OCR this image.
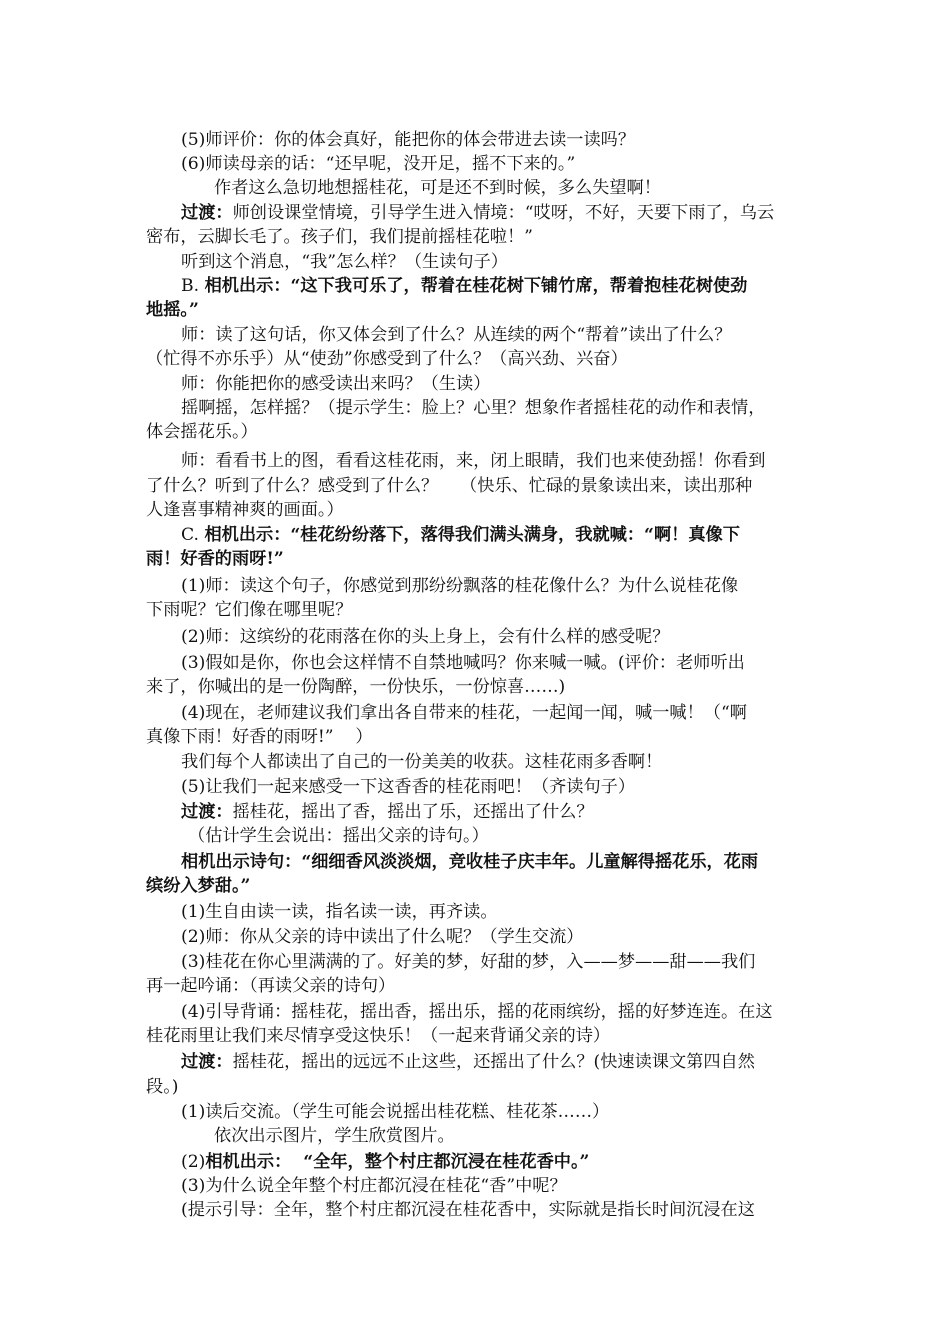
(5)师评价：你的体会真好，能把你的体会带进去读一读吗？
(6)师读母亲的话：“还早呢，没开足，摇不下来的。”
作者这么急切地想摇桂花，可是还不到时候，多么失望啊！
过渡：师创设课堂情境，引导学生进入情境：“哎呀，不好，天要下雨了，乌云
密布，云脚长毛了。孩子们，我们提前摇桂花啦！”
听到这个消息，“我”怎么样？（生读句子）
B. 相机出示：“这下我可乐了，帮着在桂花树下铺竹席，帮着抱桂花树使劲
地摇。”
师：读了这句话，你又体会到了什么？从连续的两个“帮着”读出了什么？
（忙得不亦乐乎）从“使劲”你感受到了什么？（高兴劲、兴奋）
师：你能把你的感受读出来吗？（生读）
摇啊摇，怎样摇？（提示学生：脸上？心里？想象作者摇桂花的动作和表情，
体会摇花乐。）
师：看看书上的图，看看这桂花雨，来，闭上眼睛，我们也来使劲摇！你看到
了什么？听到了什么？感受到了什么？    （快乐、忙碌的景象读出来，读出那种
人逢喜事精神爽的画面。）
C. 相机出示：“桂花纷纷落下，落得我们满头满身，我就喊：“啊！真像下
雨！好香的雨呀!”
(1)师：读这个句子，你感觉到那纷纷飘落的桂花像什么？为什么说桂花像
下雨呢？它们像在哪里呢？
(2)师：这缤纷的花雨落在你的头上身上，会有什么样的感受呢？
(3)假如是你，你也会这样情不自禁地喊吗？你来喊一喊。(评价：老师听出
来了，你喊出的是一份陶醉，一份快乐，一份惊喜……)
(4)现在，老师建议我们拿出各自带来的桂花，一起闻一闻，喊一喊！（“啊
真像下雨！好香的雨呀!”    ）
我们每个人都读出了自己的一份美美的收获。这桂花雨多香啊！
(5)让我们一起来感受一下这香香的桂花雨吧！（齐读句子）
过渡：摇桂花，摇出了香，摇出了乐，还摇出了什么？
（估计学生会说出：摇出父亲的诗句。）
相机出示诗句：“细细香风淡淡烟，竞收桂子庆丰年。儿童解得摇花乐，花雨
缤纷入梦甜。”
(1)生自由读一读，指名读一读，再齐读。
(2)师：你从父亲的诗中读出了什么呢？（学生交流）
(3)桂花在你心里满满的了。好美的梦，好甜的梦，入——梦——甜——我们
再一起吟诵：（再读父亲的诗句）
(4)引导背诵：摇桂花，摇出香，摇出乐，摇的花雨缤纷，摇的好梦连连。在这
桂花雨里让我们来尽情享受这快乐！（一起来背诵父亲的诗）
过渡：摇桂花，摇出的远远不止这些，还摇出了什么？(快速读课文第四自然
段。)
(1)读后交流。（学生可能会说摇出桂花糕、桂花茶……）
依次出示图片，学生欣赏图片。
(2)相机出示：  “全年，整个村庄都沉浸在桂花香中。”
(3)为什么说全年整个村庄都沉浸在桂花“香”中呢？
(提示引导：全年，整个村庄都沉浸在桂花香中，实际就是指长时间沉浸在这
